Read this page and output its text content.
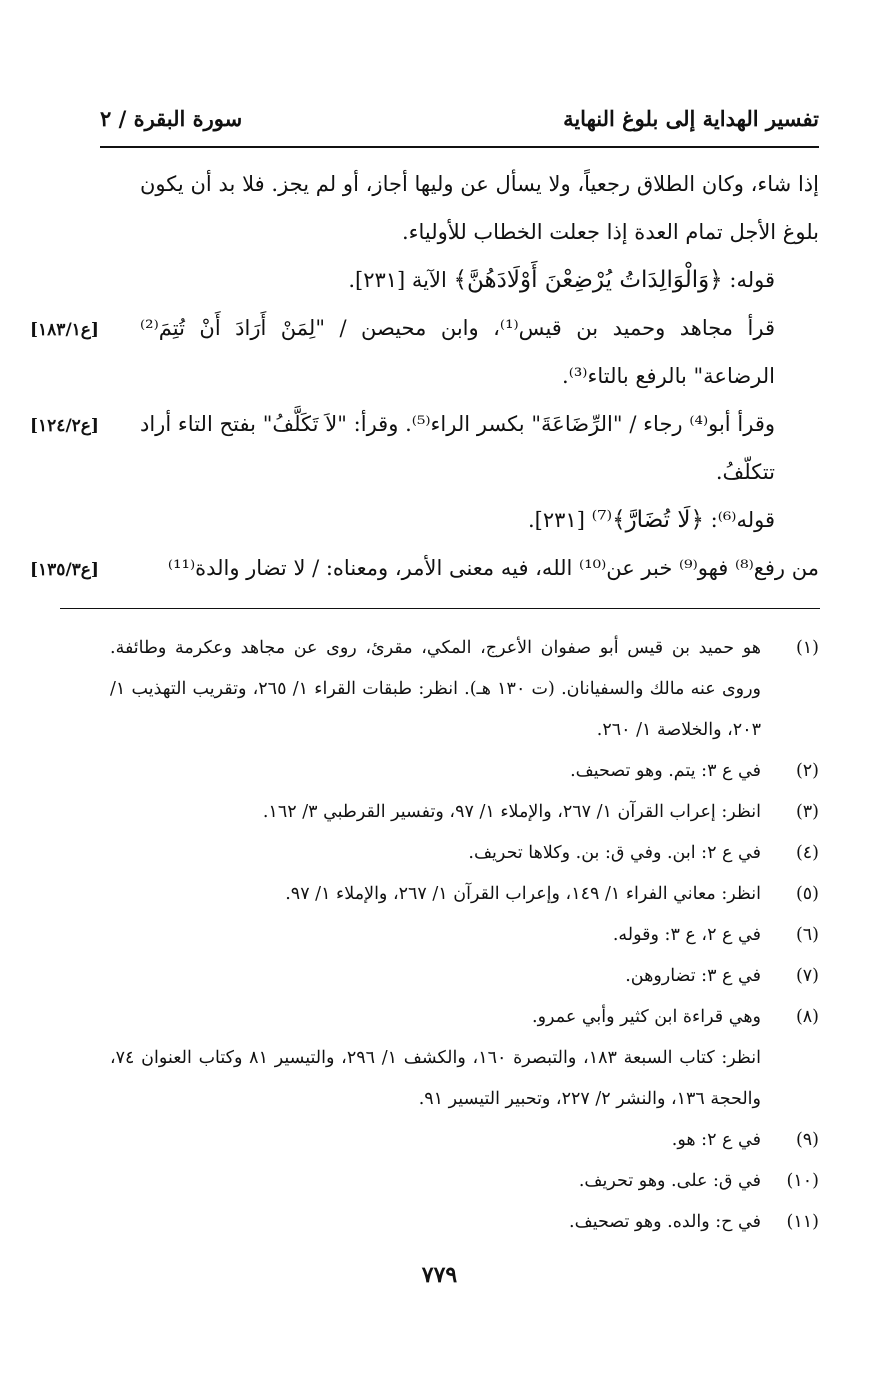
تفسير الهداية إلى بلوغ النهاية
سورة البقرة / ٢
إذا شاء، وكان الطلاق رجعياً، ولا يسأل عن وليها أجاز، أو لم يجز. فلا بد أن يكون بلوغ الأجل تمام العدة إذا جعلت الخطاب للأولياء.
قوله: ﴿وَالْوَالِدَاتُ يُرْضِعْنَ أَوْلَادَهُنَّ﴾ الآية [٢٣١].
قرأ مجاهد وحميد بن قيس⁽¹⁾، وابن محيصن / "لِمَنْ أَرَادَ أَنْ تُتِمَ⁽²⁾ الرضاعة" بالرفع بالتاء⁽³⁾.
[ع١٨٣/١]
وقرأ أبو⁽⁴⁾ رجاء / "الرِّضَاعَةَ" بكسر الراء⁽⁵⁾. وقرأ: "لاَ تَكَلَّفُ" بفتح التاء أراد تتكلّفُ.
[ع١٢٤/٢]
قوله⁽⁶⁾: ﴿لَا تُضَارَّ﴾⁽⁷⁾ [٢٣١].
من رفع⁽⁸⁾ فهو⁽⁹⁾ خبر عن⁽¹⁰⁾ الله، فيه معنى الأمر، ومعناه: / لا تضار والدة⁽¹¹⁾
[ع١٣٥/٣]
(١)
هو حميد بن قيس أبو صفوان الأعرج، المكي، مقرئ، روى عن مجاهد وعكرمة وطائفة. وروى عنه مالك والسفيانان. (ت ١٣٠ هـ). انظر: طبقات القراء ١/ ٢٦٥، وتقريب التهذيب ١/ ٢٠٣، والخلاصة ١/ ٢٦٠.
(٢)
في ع ٣: يتم. وهو تصحيف.
(٣)
انظر: إعراب القرآن ١/ ٢٦٧، والإملاء ١/ ٩٧، وتفسير القرطبي ٣/ ١٦٢.
(٤)
في ع ٢: ابن. وفي ق: بن. وكلاها تحريف.
(٥)
انظر: معاني الفراء ١/ ١٤٩، وإعراب القرآن ١/ ٢٦٧، والإملاء ١/ ٩٧.
(٦)
في ع ٢، ع ٣: وقوله.
(٧)
في ع ٣: تضاروهن.
(٨)
وهي قراءة ابن كثير وأبي عمرو.
انظر: كتاب السبعة ١٨٣، والتبصرة ١٦٠، والكشف ١/ ٢٩٦، والتيسير ٨١ وكتاب العنوان ٧٤، والحجة ١٣٦، والنشر ٢/ ٢٢٧، وتحبير التيسير ٩١.
(٩)
في ع ٢: هو.
(١٠)
في ق: على. وهو تحريف.
(١١)
في ح: والده. وهو تصحيف.
٧٧٩
